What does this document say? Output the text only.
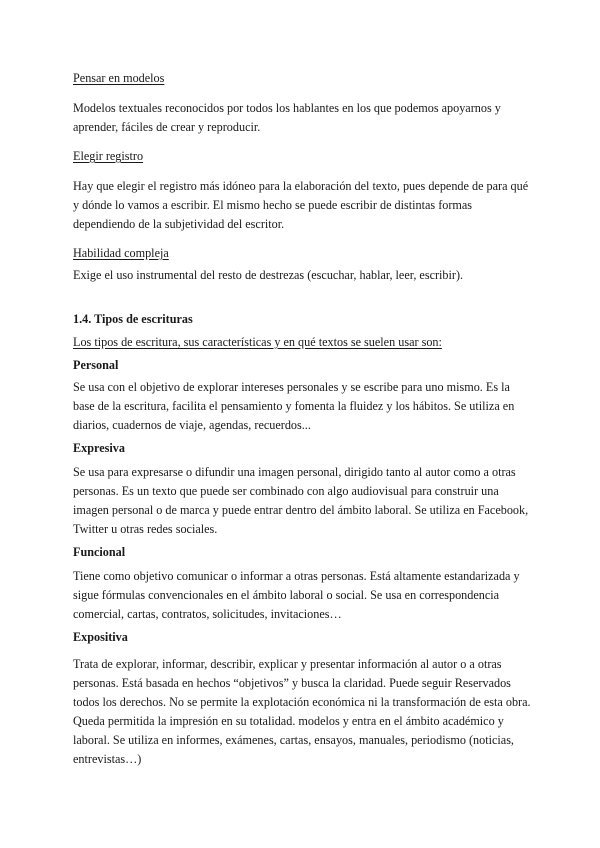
Pensar en modelos

Modelos textuales reconocidos por todos los hablantes en los que podemos apoyarnos y
aprender, fáciles de crear y reproducir.

Elegir registro

Hay que elegir el registro más idóneo para la elaboración del texto, pues depende de para qué
y dónde lo vamos a escribir. El mismo hecho se puede escribir de distintas formas
dependiendo de la subjetividad del escritor.

Habilidad compleja

Exige el uso instrumental del resto de destrezas (escuchar, hablar, leer, escribir).

1.4. Tipos de escrituras
Los tipos de escritura, sus características y en qué textos se suelen usar son:
Personal

Se usa con el objetivo de explorar intereses personales y se escribe para uno mismo. Es la
base de la escritura, facilita el pensamiento y fomenta la fluidez y los hábitos. Se utiliza en
diarios, cuadernos de viaje, agendas, recuerdos...

Expresiva

Se usa para expresarse o difundir una imagen personal, dirigido tanto al autor como a otras
personas. Es un texto que puede ser combinado con algo audiovisual para construir una
imagen personal o de marca y puede entrar dentro del ámbito laboral. Se utiliza en Facebook,
Twitter u otras redes sociales.

Funcional

Tiene como objetivo comunicar o informar a otras personas. Está altamente estandarizada y
sigue fórmulas convencionales en el ámbito laboral o social. Se usa en correspondencia
comercial, cartas, contratos, solicitudes, invitaciones…

Expositiva

Trata de explorar, informar, describir, explicar y presentar información al autor o a otras
personas. Está basada en hechos “objetivos” y busca la claridad. Puede seguir Reservados
todos los derechos. No se permite la explotación económica ni la transformación de esta obra.
Queda permitida la impresión en su totalidad. modelos y entra en el ámbito académico y
laboral. Se utiliza en informes, exámenes, cartas, ensayos, manuales, periodismo (noticias,
entrevistas…)
